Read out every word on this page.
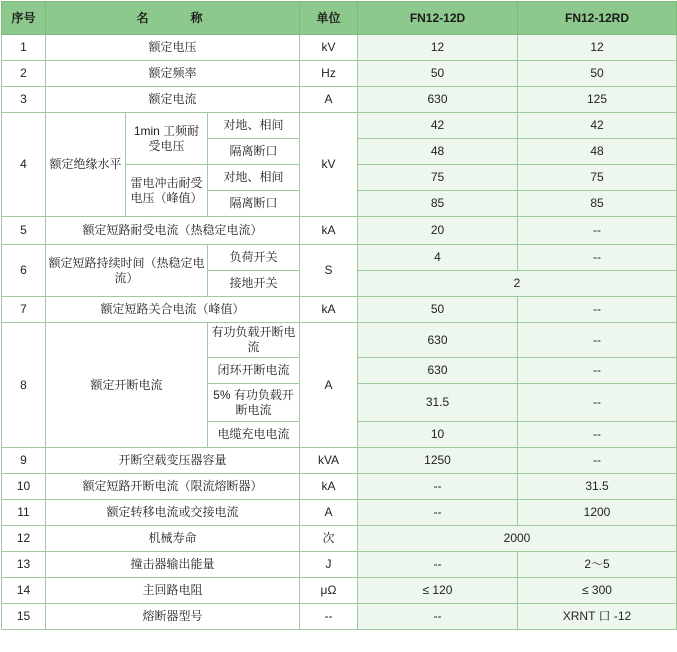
序号	名　　称			单位	FN12-12D	FN12-12RD
1	额定电压			kV	12	12
2	额定频率			Hz	50	50
3	额定电流			A	630	125
4	额定绝缘水平	1min 工频耐受电压	对地、相间	kV	42	42
			隔离断口		48	48
		雷电冲击耐受电压（峰值）	对地、相间		75	75
			隔离断口		85	85
5	额定短路耐受电流（热稳定电流）			kA	20	--
6	额定短路持续时间（热稳定电流）		负荷开关	S	4	--
			接地开关		2	
7	额定短路关合电流（峰值）			kA	50	--
8	额定开断电流		有功负载开断电流	A	630	--
			闭环开断电流		630	--
			5% 有功负载开断电流		31.5	--
			电缆充电电流		10	--
9	开断空载变压器容量			kVA	1250	--
10	额定短路开断电流（限流熔断器）			kA	--	31.5
11	额定转移电流或交接电流			A	--	1200
12	机械寿命			次	2000	
13	撞击器输出能量			J	--	2～5
14	主回路电阻			μΩ	≤ 120	≤ 300
15	熔断器型号			--	--	XRNT 口 -12
